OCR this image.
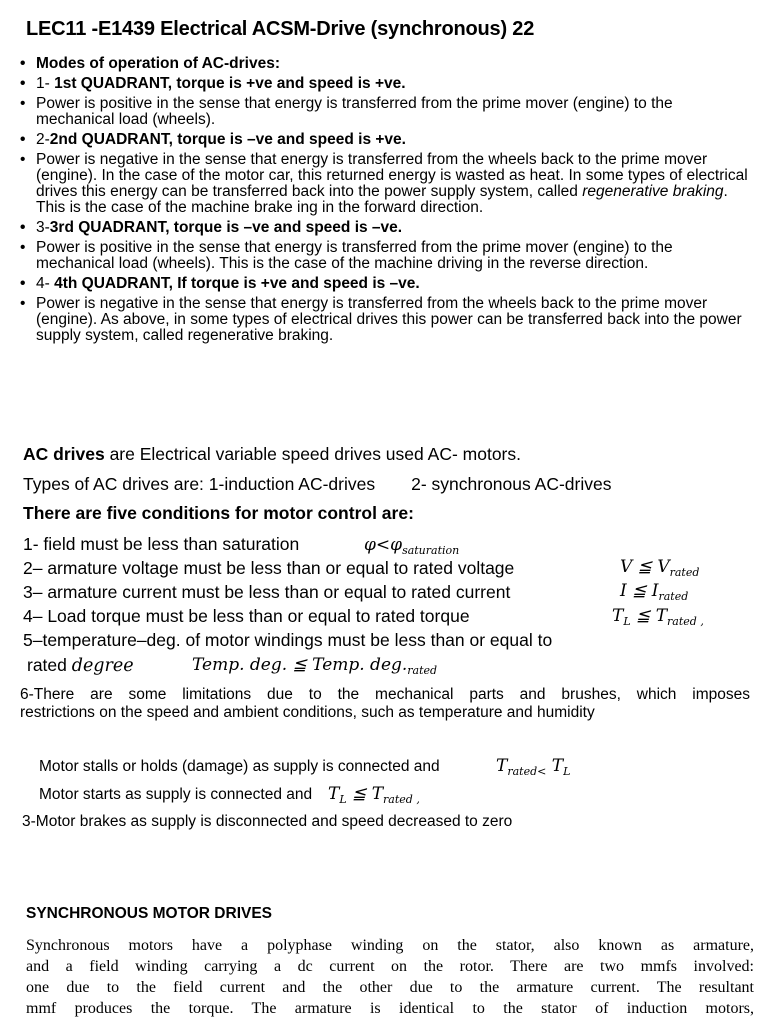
LEC11 -E1439 Electrical ACSM-Drive (synchronous) 22
• Modes of operation of AC-drives:
• 1- 1st QUADRANT, torque is +ve and speed is +ve.
• Power is positive in the sense that energy is transferred from the prime mover (engine) to the mechanical load (wheels).
• 2-2nd QUADRANT, torque is –ve and speed is +ve.
• Power is negative in the sense that energy is transferred from the wheels back to the prime mover (engine). In the case of the motor car, this returned energy is wasted as heat. In some types of electrical drives this energy can be transferred back into the power supply system, called regenerative braking. This is the case of the machine brake ing in the forward direction.
• 3-3rd QUADRANT, torque is –ve and speed is –ve.
• Power is positive in the sense that energy is transferred from the prime mover (engine) to the mechanical load (wheels). This is the case of the machine driving in the reverse direction.
• 4- 4th QUADRANT, If torque is +ve and speed is –ve.
• Power is negative in the sense that energy is transferred from the wheels back to the prime mover (engine). As above, in some types of electrical drives this power can be transferred back into the power supply system, called regenerative braking.
AC drives are Electrical variable speed drives used AC- motors.
Types of AC drives are: 1-induction AC-drives 2- synchronous AC-drives
There are five conditions for motor control are:
1- field must be less than saturation	$\varphi<\varphi_{saturation}$
2– armature voltage must be less than or equal to rated voltage	V ≦ $V_{rated}$
3– armature current must be less than or equal to rated current	I ≦ $I_{rated}$
4– Load torque must be less than or equal to rated torque	$T_L$ ≦ $T_{rated ,}$
5–temperature–deg. of motor windings must be less than or equal to
rated degree	Temp. deg. ≦ Temp. $deg._{rated}$
6-There are some limitations due to the mechanical parts and brushes, which imposes
restrictions on the speed and ambient conditions, such as temperature and humidity
Motor stalls or holds (damage) as supply is connected and	$T_{rated<}$ $T_L$
Motor starts as supply is connected and $T_L$ ≦ $T_{rated ,}$
3-Motor brakes as supply is disconnected and speed decreased to zero
SYNCHRONOUS MOTOR DRIVES
Synchronous motors have a polyphase winding on the stator, also known as armature,
and a field winding carrying a dc current on the rotor. There are two mmfs involved:
one due to the field current and the other due to the armature current. The resultant
mmf produces the torque. The armature is identical to the stator of induction motors,
